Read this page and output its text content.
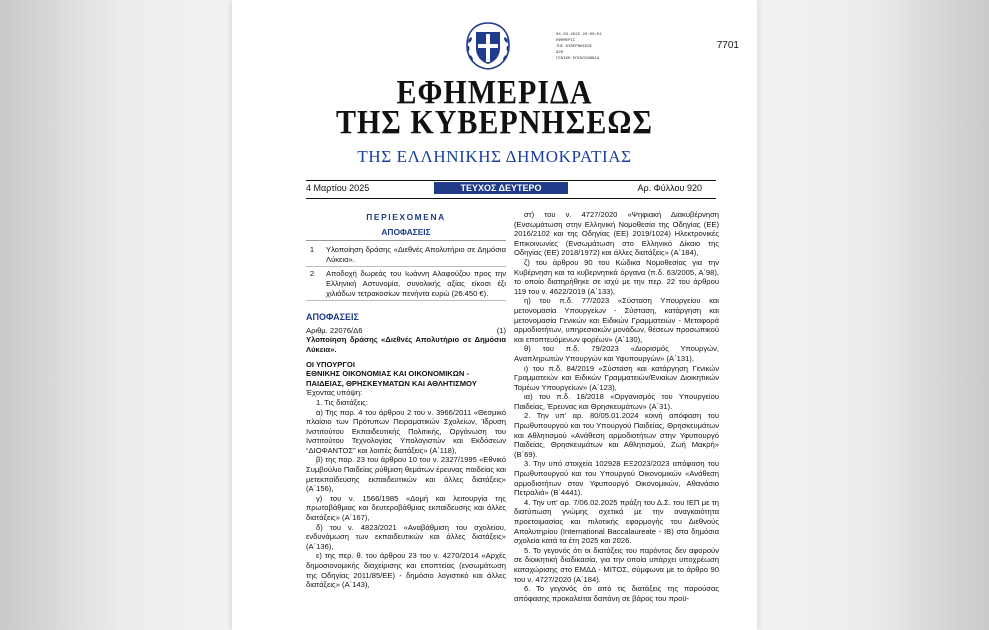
04.03.2025 20:00:01
ΕΦΗΜΕΡΙΣ
ΤΗΣ ΚΥΒΕΡΝΗΣΕΩΣ
920
ΓΕΝΙΚΗ ΕΠΙΚΟΙΝΩΝΙΑ
7701
ΕΦΗΜΕΡΙΔΑ
ΤΗΣ ΚΥΒΕΡΝΗΣΕΩΣ
ΤΗΣ ΕΛΛΗΝΙΚΗΣ ΔΗΜΟΚΡΑΤΙΑΣ
4 Μαρτίου 2025	ΤΕΥΧΟΣ ΔΕΥΤΕΡΟ	Αρ. Φύλλου 920
ΠΕΡΙΕΧΟΜΕΝΑ
ΑΠΟΦΑΣΕΙΣ
1	Υλοποίηση δράσης «Διεθνές Απολυτήριο σε Δημόσια Λύκεια».
2	Αποδοχή δωρεάς του Ιωάννη Αλαφούζου προς την Ελληνική Αστυνομία, συνολικής αξίας είκοσι έξι χιλιάδων τετρακοσίων πενήντα ευρώ (26.450 €).
ΑΠΟΦΑΣΕΙΣ
Αριθμ. 22076/Δ6	(1)
Υλοποίηση δράσης «Διεθνές Απολυτήριο σε Δημόσια Λύκεια».
ΟΙ ΥΠΟΥΡΓΟΙ
ΕΘΝΙΚΗΣ ΟΙΚΟΝΟΜΙΑΣ ΚΑΙ ΟΙΚΟΝΟΜΙΚΩΝ -
ΠΑΙΔΕΙΑΣ, ΘΡΗΣΚΕΥΜΑΤΩΝ ΚΑΙ ΑΘΛΗΤΙΣΜΟΥ

Έχοντας υπόψη:

1. Τις διατάξεις:

α) Της παρ. 4 του άρθρου 2 του ν. 3966/2011 «Θεσμικό πλαίσιο των Πρότυπων Πειραματικών Σχολείων, Ίδρυση Ινστιτούτου Εκπαιδευτικής Πολιτικής, Οργάνωση του Ινστιτούτου Τεχνολογίας Υπολογιστών και Εκδόσεων “ΔΙΟΦΑΝΤΟΣ” και λοιπές διατάξεις» (Α΄118),

β) της παρ. 23 του άρθρου 10 του ν. 2327/1995 «Εθνικό Συμβούλιο Παιδείας ρύθμιση θεμάτων έρευνας παιδείας και μετεκπαίδευσης εκπαιδευτικών και άλλες διατάξεις» (Α΄156),

γ) του ν. 1566/1985 «Δομή και λειτουργία της πρωτοβάθμιας και δευτεροβάθμιας εκπαίδευσης και άλλες διατάξεις» (Α΄167),

δ) του ν. 4823/2021 «Αναβάθμιση του σχολείου, ενδυνάμωση των εκπαιδευτικών και άλλες διατάξεις» (Α΄136),

ε) της περ. θ. του άρθρου 23 του ν. 4270/2014 «Αρχές δημοσιονομικής διαχείρισης και εποπτείας (ενσωμάτωση της Οδηγίας 2011/85/ΕΕ) - δημόσιο λογιστικό και άλλες διατάξεις» (Α΄143),

στ) του ν. 4727/2020 «Ψηφιακή Διακυβέρνηση (Ενσωμάτωση στην Ελληνική Νομοθεσία της Οδηγίας (ΕΕ) 2016/2102 και της Οδηγίας (ΕΕ) 2019/1024) Ηλεκτρονικές Επικοινωνίες (Ενσωμάτωση στο Ελληνικό Δίκαιο της Οδηγίας (ΕΕ) 2018/1972) και άλλες διατάξεις» (Α΄184),

ζ) του άρθρου 90 του Κώδικα Νομοθεσίας για την Κυβέρνηση και τα κυβερνητικά όργανα (π.δ. 63/2005, Α΄98), το οποίο διατηρήθηκε σε ισχύ με την περ. 22 του άρθρου 119 του ν. 4622/2019 (Α΄133),

η) του π.δ. 77/2023 «Σύσταση Υπουργείου και μετονομασία Υπουργείων - Σύσταση, κατάργηση και μετονομασία Γενικών και Ειδικών Γραμματειών - Μεταφορά αρμοδιοτήτων, υπηρεσιακών μονάδων, θέσεων προσωπικού και εποπτευόμενων φορέων» (Α΄130),

θ) του π.δ. 79/2023 «Διορισμός Υπουργών, Αναπληρωτών Υπουργών και Υφυπουργών» (Α΄131),

ι) του π.δ. 84/2019 «Σύσταση και κατάργηση Γενικών Γραμματειών και Ειδικών Γραμματειών/Ενιαίων Διοικητικών Τομέων Υπουργείων» (Α΄123),

ια) του π.δ. 18/2018 «Οργανισμός του Υπουργείου Παιδείας, Έρευνας και Θρησκευμάτων» (Α΄31).

2. Την υπ' αρ. 80/05.01.2024 κοινή απόφαση του Πρωθυπουργού και του Υπουργού Παιδείας, Θρησκευμάτων και Αθλητισμού «Ανάθεση αρμοδιοτήτων στην Υφυπουργό Παιδείας, Θρησκευμάτων και Αθλητισμού, Ζωή Μακρή» (Β΄69).

3. Την υπό στοιχεία 102928 ΕΞ2023/2023 απόφαση του Πρωθυπουργού και του Υπουργού Οικονομικών «Ανάθεση αρμοδιοτήτων στον Υφυπουργό Οικονομικών, Αθανάσιο Πετραλιά» (Β΄4441).

4. Την υπ' αρ. 7/06.02.2025 πράξη του Δ.Σ. του ΙΕΠ με τη διατύπωση γνώμης σχετικά με την αναγκαιότητα προετοιμασίας και πιλοτικής εφαρμογής του Διεθνούς Απολυτηρίου (International Baccalaureate - IB) στα δημόσια σχολεία κατά τα έτη 2025 και 2026.

5. Το γεγονός ότι οι διατάξεις του παρόντος δεν αφορούν σε διοικητική διαδικασία, για την οποία υπάρχει υποχρέωση καταχώρισης στο ΕΜΔΔ - ΜΙΤΟΣ, σύμφωνα με το άρθρο 90 του ν. 4727/2020 (Α΄184).

6. Το γεγονός ότι από τις διατάξεις της παρούσας απόφασης προκαλείται δαπάνη σε βάρος του προϋ-
